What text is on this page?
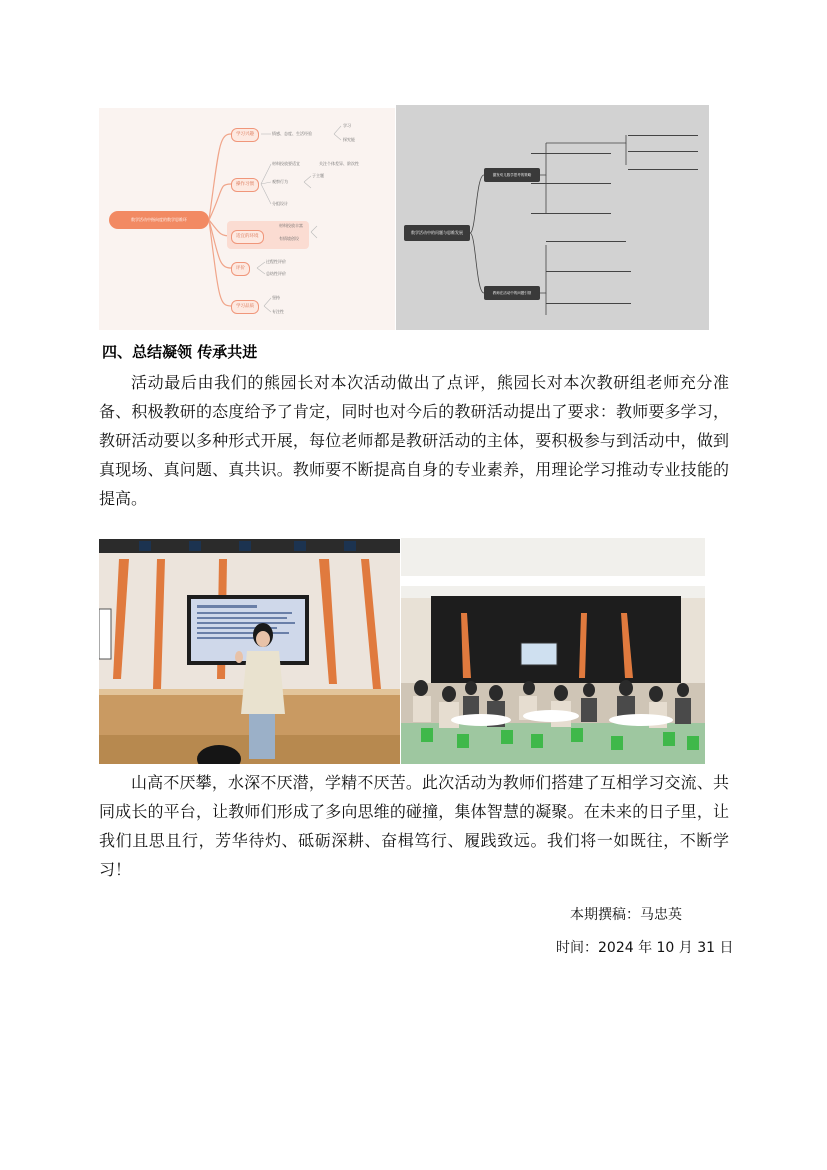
数学活动中指向度的数学思维环
学习兴趣	情感、态度、生活经验
学习
探究能
操作习惯
材料投放要适宜	关注个体差异、阶次性
观察行为
分组设计
子主题
适宜的环境
材料投放丰富
有情境创设
评价
过程性评价
总结性评价
学习品质
坚持
专注性
数学活动中的问题与思维发展
激发幼儿数学思考的策略
教师在活动中的问题引领
四、总结凝领 传承共进

活动最后由我们的熊园长对本次活动做出了点评，熊园长对本次教研组老师充分准备、积极教研的态度给予了肯定，同时也对今后的教研活动提出了要求：教师要多学习，教研活动要以多种形式开展，每位老师都是教研活动的主体，要积极参与到活动中，做到真现场、真问题、真共识。教师要不断提高自身的专业素养，用理论学习推动专业技能的提高。

山高不厌攀，水深不厌潜，学精不厌苦。此次活动为教师们搭建了互相学习交流、共同成长的平台，让教师们形成了多向思维的碰撞，集体智慧的凝聚。在未来的日子里，让我们且思且行，芳华待灼、砥砺深耕、奋楫笃行、履践致远。我们将一如既往，不断学习！

本期撰稿：马忠英
时间：2024 年 10 月 31 日
